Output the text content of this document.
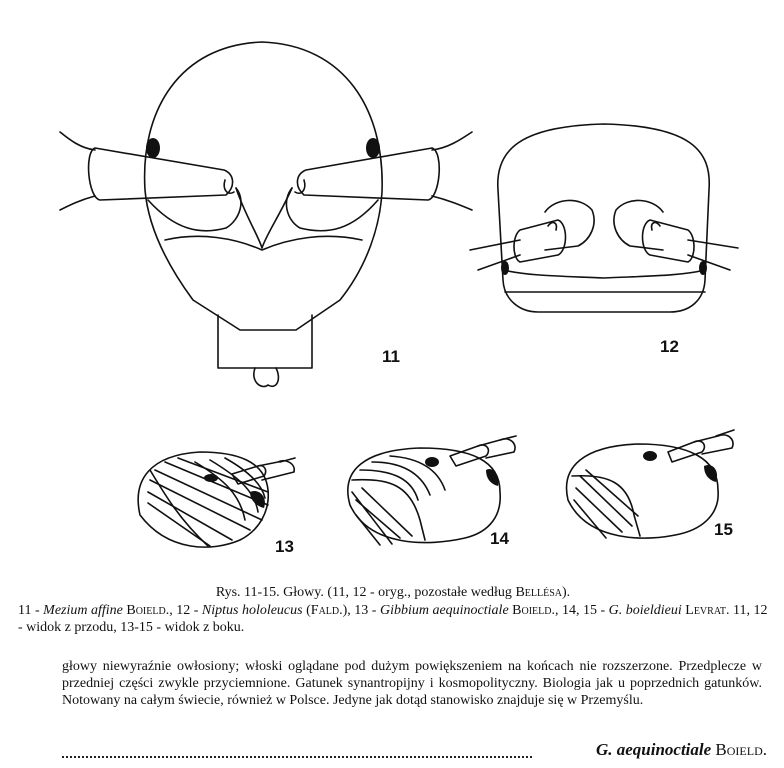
11
12
13	14	15
Rys. 11-15. Głowy. (11, 12 - oryg., pozostałe według Bellésa).
11 - Mezium affine Boield., 12 - Niptus hololeucus (Fald.), 13 - Gibbium aequinoctiale Boield., 14, 15 - G. boieldieui Levrat. 11, 12 - widok z przodu, 13-15 - widok z boku.
głowy niewyraźnie owłosiony; włoski oglądane pod dużym powiększeniem na końcach nie rozszerzone. Przedplecze w przedniej części zwykle przyciemnione. Gatunek synantropijny i kosmopolityczny. Biologia jak u poprzednich gatunków. Notowany na całym świecie, również w Polsce. Jedyne jak dotąd stanowisko znajduje się w Przemyślu.
G. aequinoctiale Boield.
